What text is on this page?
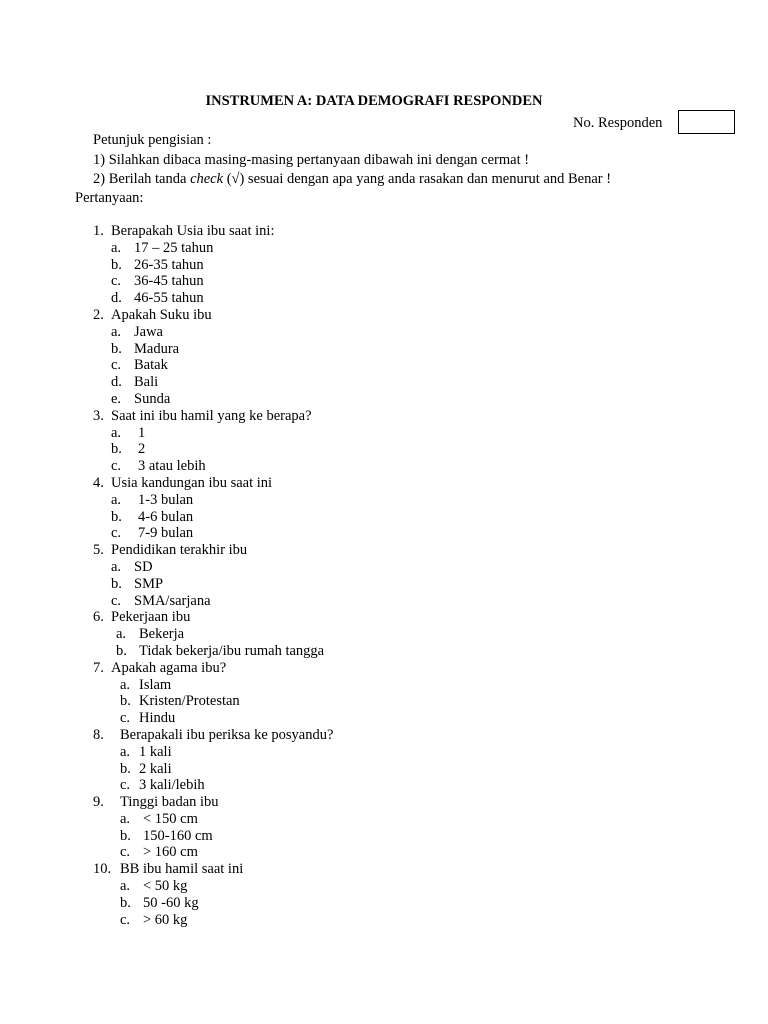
INSTRUMEN A: DATA DEMOGRAFI RESPONDEN
No. Responden
Petunjuk pengisian :
1) Silahkan dibaca masing-masing pertanyaan dibawah ini dengan cermat !
2) Berilah tanda check (√) sesuai dengan apa yang anda rasakan dan menurut and Benar !
Pertanyaan:
1. Berapakah Usia ibu saat ini:
a. 17 – 25 tahun
b. 26-35 tahun
c. 36-45 tahun
d. 46-55 tahun
2. Apakah Suku ibu
a. Jawa
b. Madura
c. Batak
d. Bali
e. Sunda
3. Saat ini ibu hamil yang ke berapa?
a. 1
b. 2
c. 3 atau lebih
4. Usia kandungan ibu saat ini
a. 1-3 bulan
b. 4-6 bulan
c. 7-9 bulan
5. Pendidikan terakhir ibu
a. SD
b. SMP
c. SMA/sarjana
6. Pekerjaan ibu
a. Bekerja
b. Tidak bekerja/ibu rumah tangga
7. Apakah agama ibu?
a. Islam
b. Kristen/Protestan
c. Hindu
8. Berapakali ibu periksa ke posyandu?
a. 1 kali
b. 2 kali
c. 3 kali/lebih
9. Tinggi badan ibu
a. < 150 cm
b. 150-160 cm
c. > 160 cm
10. BB ibu hamil saat ini
a. < 50 kg
b. 50 -60 kg
c. > 60 kg
